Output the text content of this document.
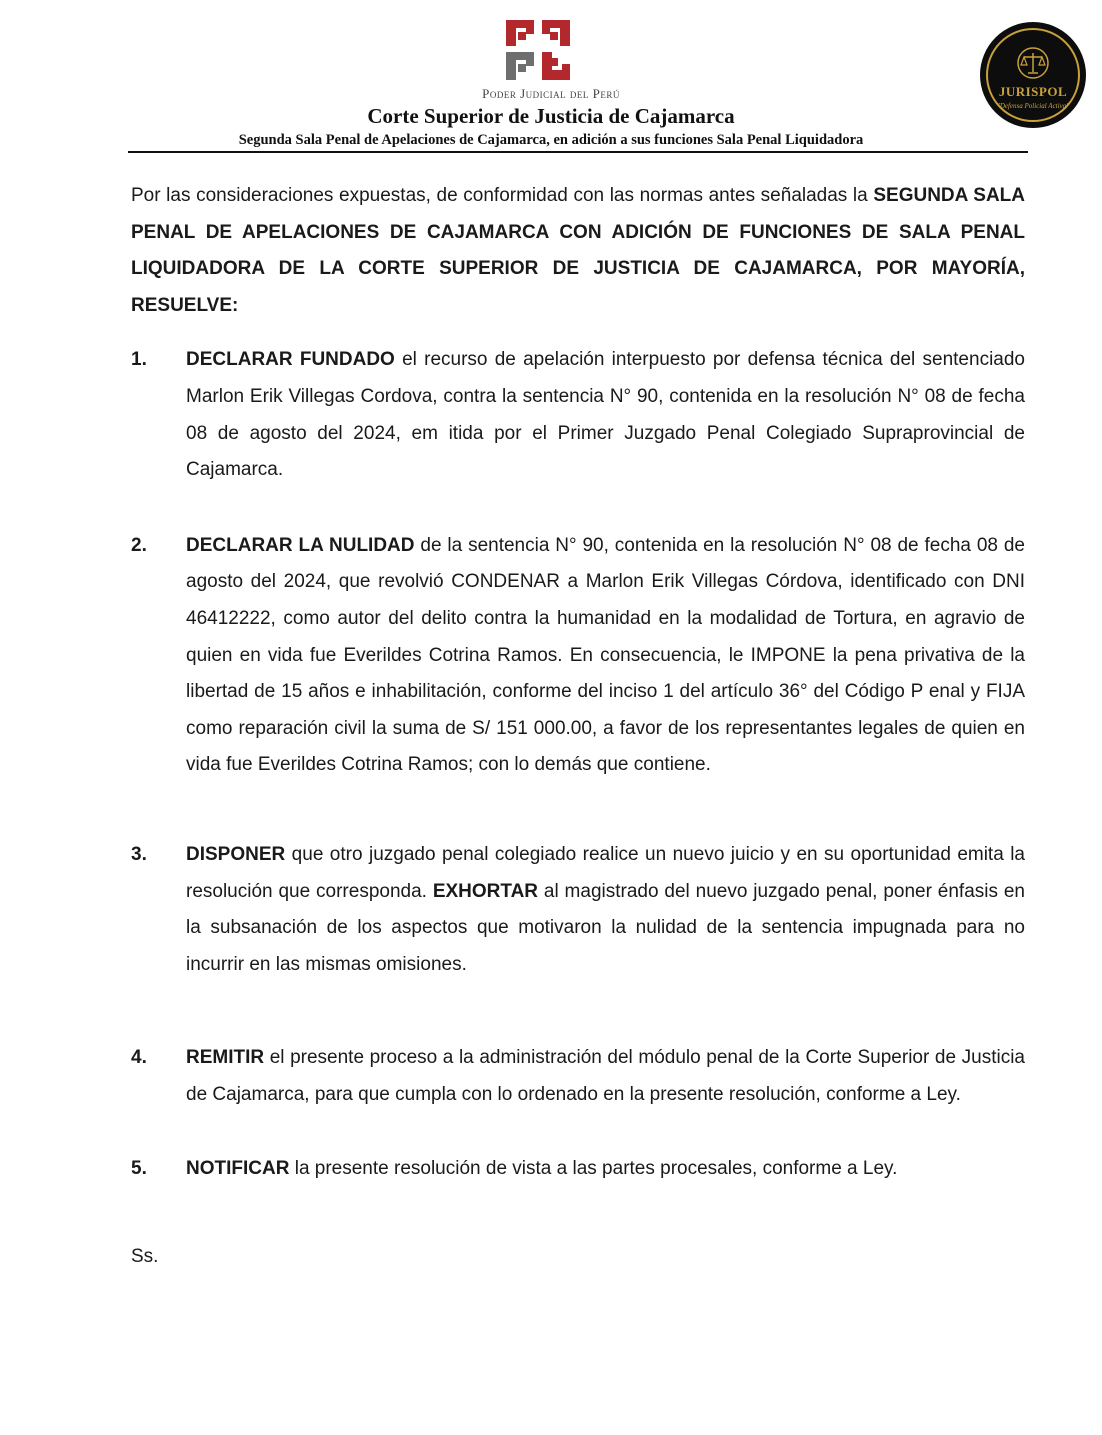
Poder Judicial del Perú
Corte Superior de Justicia de Cajamarca
Segunda Sala Penal de Apelaciones de Cajamarca, en adición a sus funciones Sala Penal Liquidadora
JURISPOL
"Defensa Policial Activa"

Por las consideraciones expuestas, de conformidad con las normas antes señaladas la SEGUNDA SALA PENAL DE APELACIONES DE CAJAMARCA CON ADICIÓN DE FUNCIONES DE SALA PENAL LIQUIDADORA DE LA CORTE SUPERIOR DE JUSTICIA DE CAJAMARCA, POR MAYORÍA, RESUELVE:

1. DECLARAR FUNDADO el recurso de apelación interpuesto por defensa técnica del sentenciado Marlon Erik Villegas Cordova, contra la sentencia N° 90, contenida en la resolución N° 08 de fecha 08 de agosto del 2024, em itida por el Primer Juzgado Penal Colegiado Supraprovincial de Cajamarca.
2. DECLARAR LA NULIDAD de la sentencia N° 90, contenida en la resolución N° 08 de fecha 08 de agosto del 2024, que revolvió CONDENAR a Marlon Erik Villegas Córdova, identificado con DNI 46412222, como autor del delito contra la humanidad en la modalidad de Tortura, en agravio de quien en vida fue Everildes Cotrina Ramos. En consecuencia, le IMPONE la pena privativa de la libertad de 15 años e inhabilitación, conforme del inciso 1 del artículo 36° del Código P enal y FIJA como reparación civil la suma de S/ 151 000.00, a favor de los representantes legales de quien en vida fue Everildes Cotrina Ramos; con lo demás que contiene.
3. DISPONER que otro juzgado penal colegiado realice un nuevo juicio y en su oportunidad emita la resolución que corresponda. EXHORTAR al magistrado del nuevo juzgado penal, poner énfasis en la subsanación de los aspectos que motivaron la nulidad de la sentencia impugnada para no incurrir en las mismas omisiones.
4. REMITIR el presente proceso a la administración del módulo penal de la Corte Superior de Justicia de Cajamarca, para que cumpla con lo ordenado en la presente resolución, conforme a Ley.
5. NOTIFICAR la presente resolución de vista a las partes procesales, conforme a Ley.
Ss.
